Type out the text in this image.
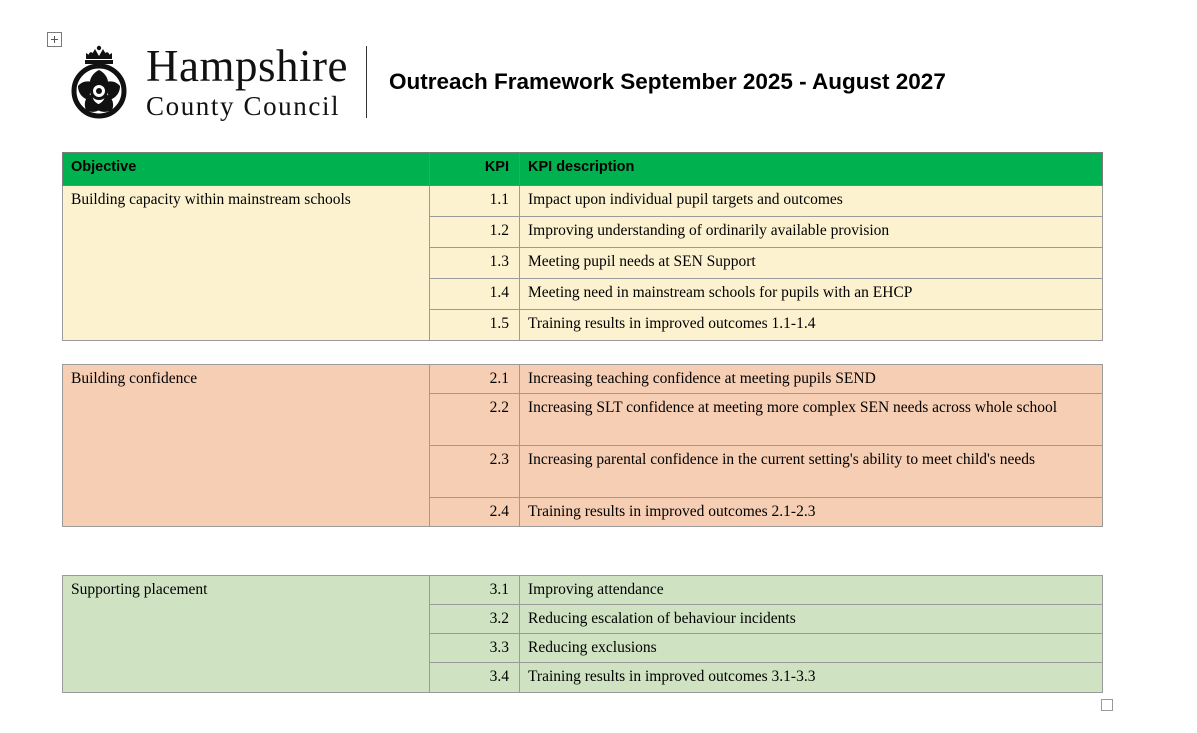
Hampshire
County Council
Outreach Framework September 2025 - August 2027
Objective	KPI	KPI description
Building capacity within mainstream schools	1.1	Impact upon individual pupil targets and outcomes
	1.2	Improving understanding of ordinarily available provision
	1.3	Meeting pupil needs at SEN Support
	1.4	Meeting need in mainstream schools for pupils with an EHCP
	1.5	Training results in improved outcomes 1.1-1.4
Building confidence	2.1	Increasing teaching confidence at meeting pupils SEND
	2.2	Increasing SLT confidence at meeting more complex SEN needs across whole school
	2.3	Increasing parental confidence in the current setting's ability to meet child's needs
	2.4	Training results in improved outcomes 2.1-2.3
Supporting placement	3.1	Improving attendance
	3.2	Reducing escalation of behaviour incidents
	3.3	Reducing exclusions
	3.4	Training results in improved outcomes 3.1-3.3
